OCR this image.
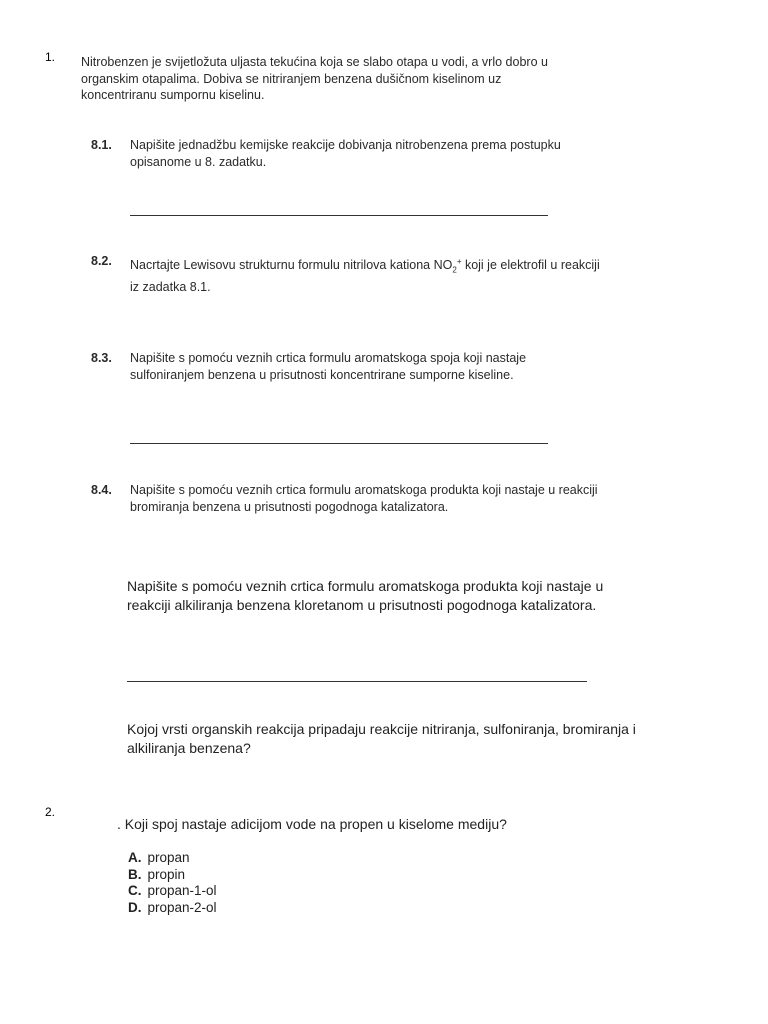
1. Nitrobenzen je svijetložuta uljasta tekućina koja se slabo otapa u vodi, a vrlo dobro u organskim otapalima. Dobiva se nitriranjem benzena dušičnom kiselinom uz koncentriranu sumpornu kiselinu.
8.1. Napišite jednadžbu kemijske reakcije dobivanja nitrobenzena prema postupku opisanome u 8. zadatku.
8.2. Nacrtajte Lewisovu strukturnu formulu nitrilova kationa $NO_2^+$ koji je elektrofil u reakciji iz zadatka 8.1.
8.3. Napišite s pomoću veznih crtica formulu aromatskoga spoja koji nastaje sulfoniranjem benzena u prisutnosti koncentrirane sumporne kiseline.
8.4. Napišite s pomoću veznih crtica formulu aromatskoga produkta koji nastaje u reakciji bromiranja benzena u prisutnosti pogodnoga katalizatora.
Napišite s pomoću veznih crtica formulu aromatskoga produkta koji nastaje u reakciji alkiliranja benzena kloretanom u prisutnosti pogodnoga katalizatora.
Kojoj vrsti organskih reakcija pripadaju reakcije nitriranja, sulfoniranja, bromiranja i alkiliranja benzena?
2.
. Koji spoj nastaje adicijom vode na propen u kiselome mediju?
A. propan
B. propin
C. propan-1-ol
D. propan-2-ol
